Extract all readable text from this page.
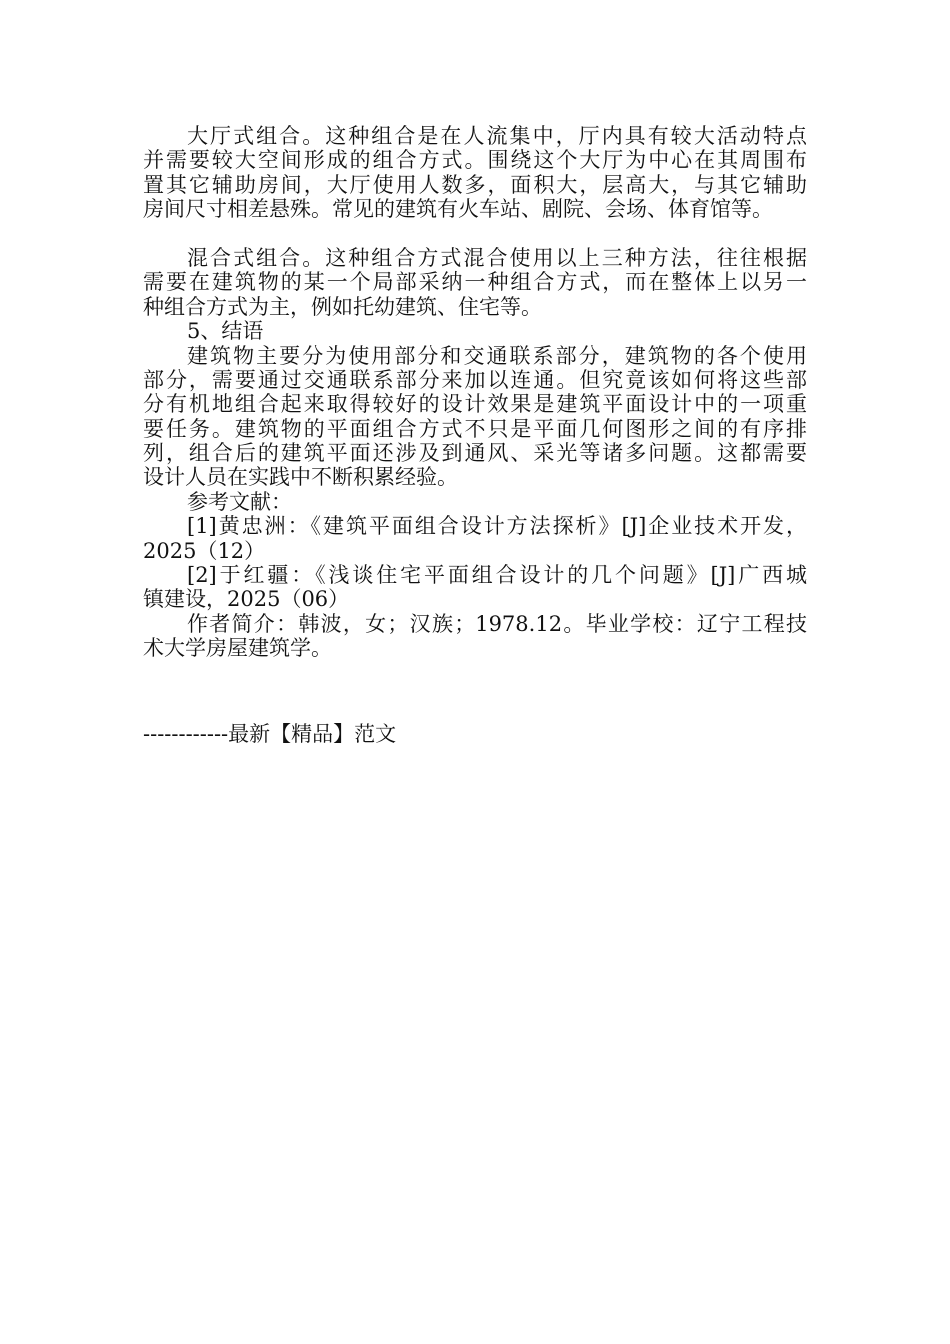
大厅式组合。这种组合是在人流集中，厅内具有较大活动特点
并需要较大空间形成的组合方式。围绕这个大厅为中心在其周围布
置其它辅助房间，大厅使用人数多，面积大，层高大，与其它辅助
房间尺寸相差悬殊。常见的建筑有火车站、剧院、会场、体育馆等。
混合式组合。这种组合方式混合使用以上三种方法，往往根据
需要在建筑物的某一个局部采纳一种组合方式，而在整体上以另一
种组合方式为主，例如托幼建筑、住宅等。
5、结语
建筑物主要分为使用部分和交通联系部分，建筑物的各个使用
部分，需要通过交通联系部分来加以连通。但究竟该如何将这些部
分有机地组合起来取得较好的设计效果是建筑平面设计中的一项重
要任务。建筑物的平面组合方式不只是平面几何图形之间的有序排
列，组合后的建筑平面还涉及到通风、采光等诸多问题。这都需要
设计人员在实践中不断积累经验。
参考文献：
[1]黄忠洲：《建筑平面组合设计方法探析》[J]企业技术开发，
2025（12）
[2]于红疆：《浅谈住宅平面组合设计的几个问题》[J]广西城
镇建设，2025（06）
作者简介：韩波，女；汉族；1978.12。毕业学校：辽宁工程技
术大学房屋建筑学。
------------最新【精品】范文
